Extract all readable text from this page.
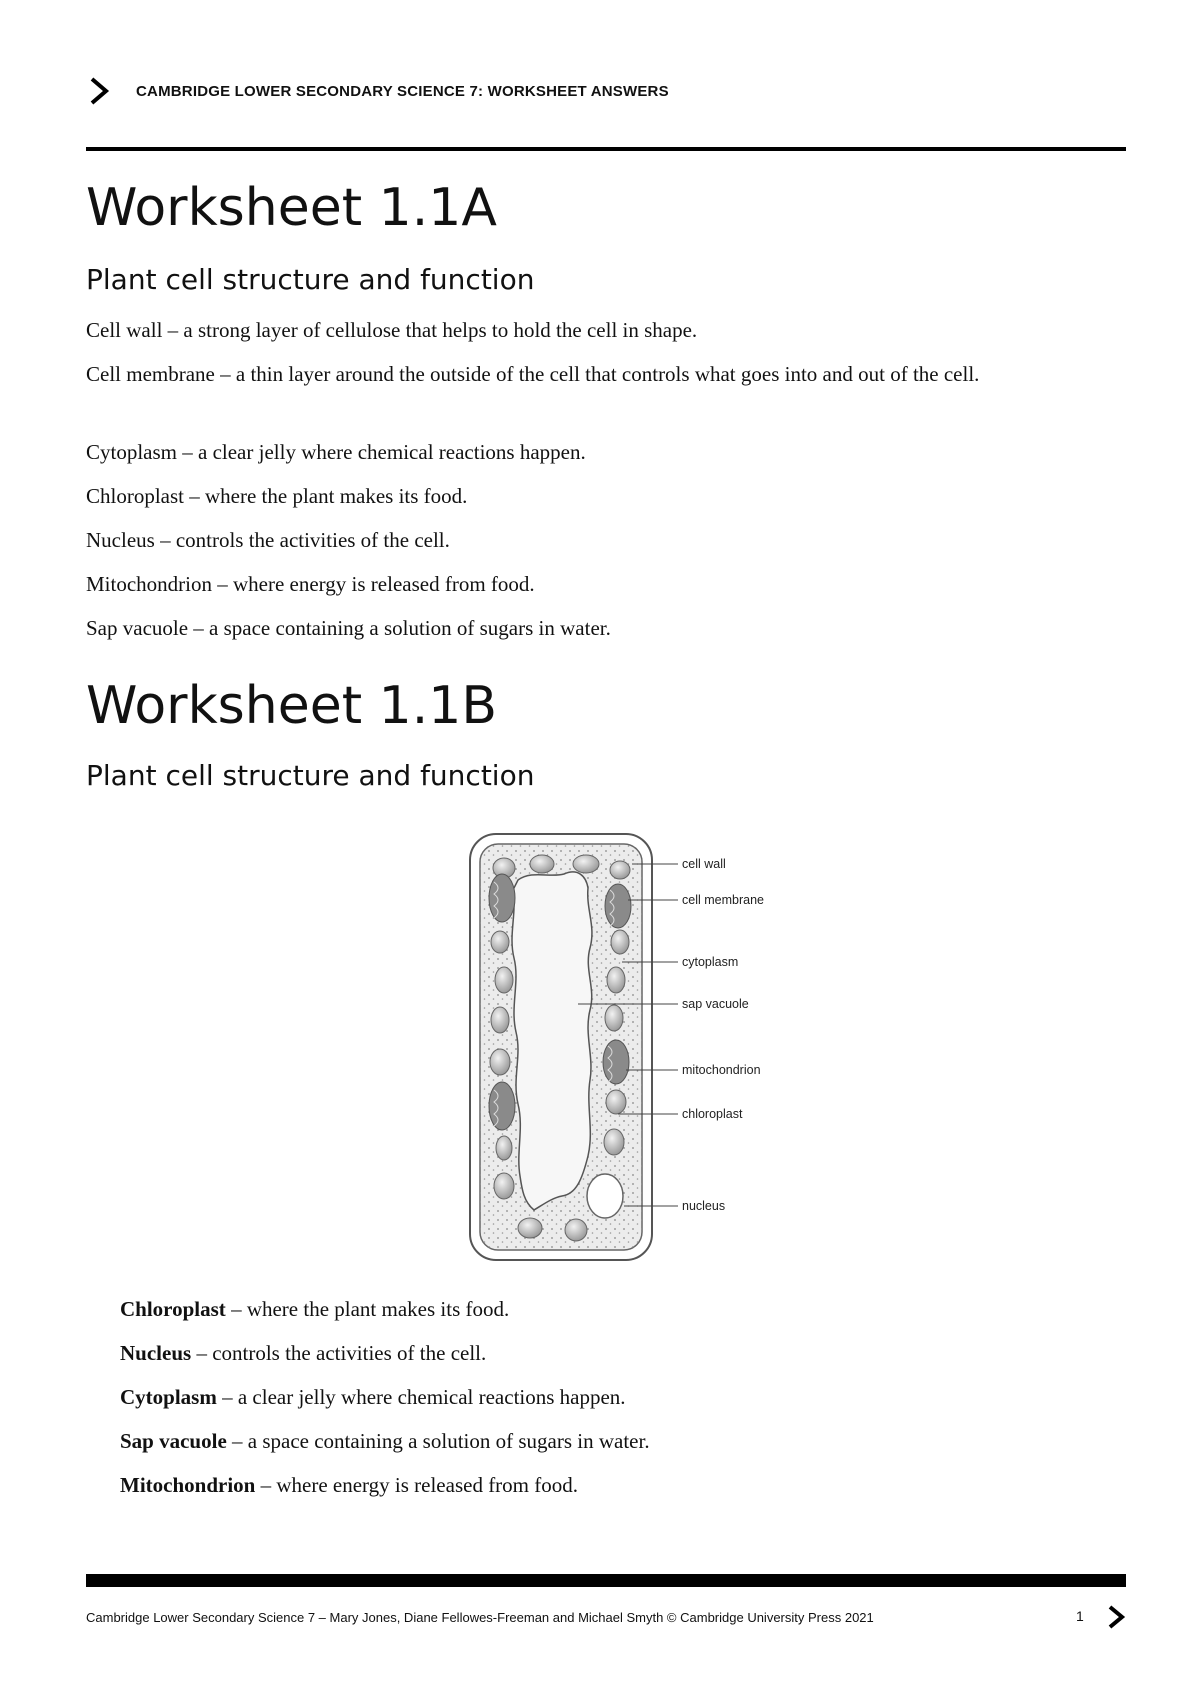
CAMBRIDGE LOWER SECONDARY SCIENCE 7: WORKSHEET ANSWERS
Worksheet 1.1A
Plant cell structure and function

Cell wall – a strong layer of cellulose that helps to hold the cell in shape.

Cell membrane – a thin layer around the outside of the cell that controls what goes into and out of the cell.

Cytoplasm – a clear jelly where chemical reactions happen.

Chloroplast – where the plant makes its food.

Nucleus – controls the activities of the cell.

Mitochondrion – where energy is released from food.

Sap vacuole – a space containing a solution of sugars in water.

Worksheet 1.1B
Plant cell structure and function
cell wall
cell membrane
cytoplasm
sap vacuole
mitochondrion
chloroplast
nucleus

Chloroplast – where the plant makes its food.

Nucleus – controls the activities of the cell.

Cytoplasm – a clear jelly where chemical reactions happen.

Sap vacuole – a space containing a solution of sugars in water.

Mitochondrion – where energy is released from food.

Cambridge Lower Secondary Science 7 – Mary Jones, Diane Fellowes-Freeman and Michael Smyth © Cambridge University Press 2021	1
